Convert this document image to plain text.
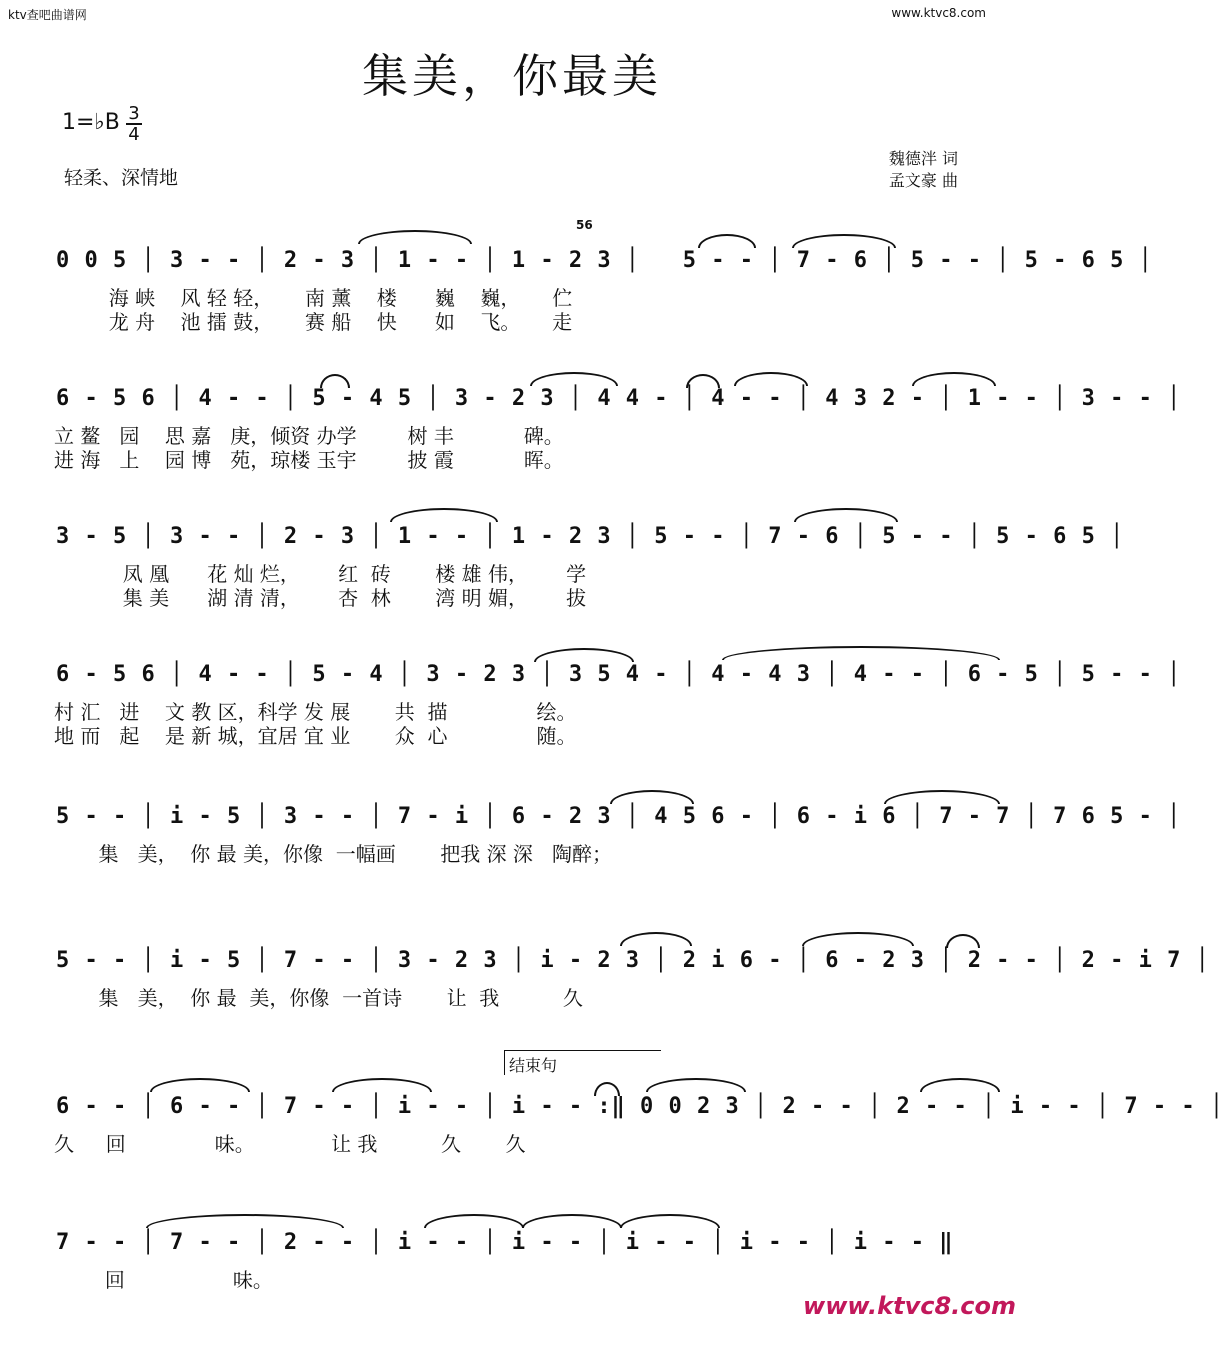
ktv查吧曲谱网	www.ktvc8.com
集美，你最美
1=♭B $\frac{3}{4}$
轻柔、深情地
魏德泮 词
孟文豪 曲
56
0 0 5 │ 3 - - │ 2 - 3 │ 1 - - │ 1 - 2 3 │   5 - - │ 7 - 6 │ 5 - - │ 5 - 6 5 │
海 峡    风 轻 轻，     南 薰    楼      巍    巍，     伫
龙 舟    池 擂 鼓，     赛 船    快      如    飞。     走
6 - 5 6 │ 4 - - │ 5 - 4 5 │ 3 - 2 3 │ 4 4 - │ 4 - - │ 4 3 2 - │ 1 - - │ 3 - - │
立 鳌   园    思 嘉   庚，倾资 办学        树 丰           碑。
进 海   上    园 博   苑，琼楼 玉宇        披 霞           晖。
3 - 5 │ 3 - - │ 2 - 3 │ 1 - - │ 1 - 2 3 │ 5 - - │ 7 - 6 │ 5 - - │ 5 - 6 5 │
凤 凰      花 灿 烂，      红  砖       楼 雄 伟，      学
集 美      湖 清 清，      杏  林       湾 明 媚，      拔
6 - 5 6 │ 4 - - │ 5 - 4 │ 3 - 2 3 │ 3 5 4 - │ 4 - 4 3 │ 4 - - │ 6 - 5 │ 5 - - │
村 汇   进    文 教 区，科学 发 展       共  描              绘。
地 而   起    是 新 城，宜居 宜 业       众  心              随。
5 - - │ i - 5 │ 3 - - │ 7 - i │ 6 - 2 3 │ 4 5 6 - │ 6 - i 6 │ 7 - 7 │ 7 6 5 - │
集   美，  你 最 美，你像  一幅画       把我 深 深   陶醉；
5 - - │ i - 5 │ 7 - - │ 3 - 2 3 │ i - 2 3 │ 2 i 6 - │ 6 - 2 3 │ 2 - - │ 2 - i 7 │
集   美，  你 最  美，你像  一首诗       让  我          久
结束句
6 - - │ 6 - - │ 7 - - │ i - - │ i - - :‖ 0 0 2 3 │ 2 - - │ 2 - - │ i - - │ 7 - - │
久     回              味。            让 我          久       久
7 - - │ 7 - - │ 2 - - │ i - - │ i - - │ i - - │ i - - │ i - - ‖
回                 味。
www.ktvc8.com
